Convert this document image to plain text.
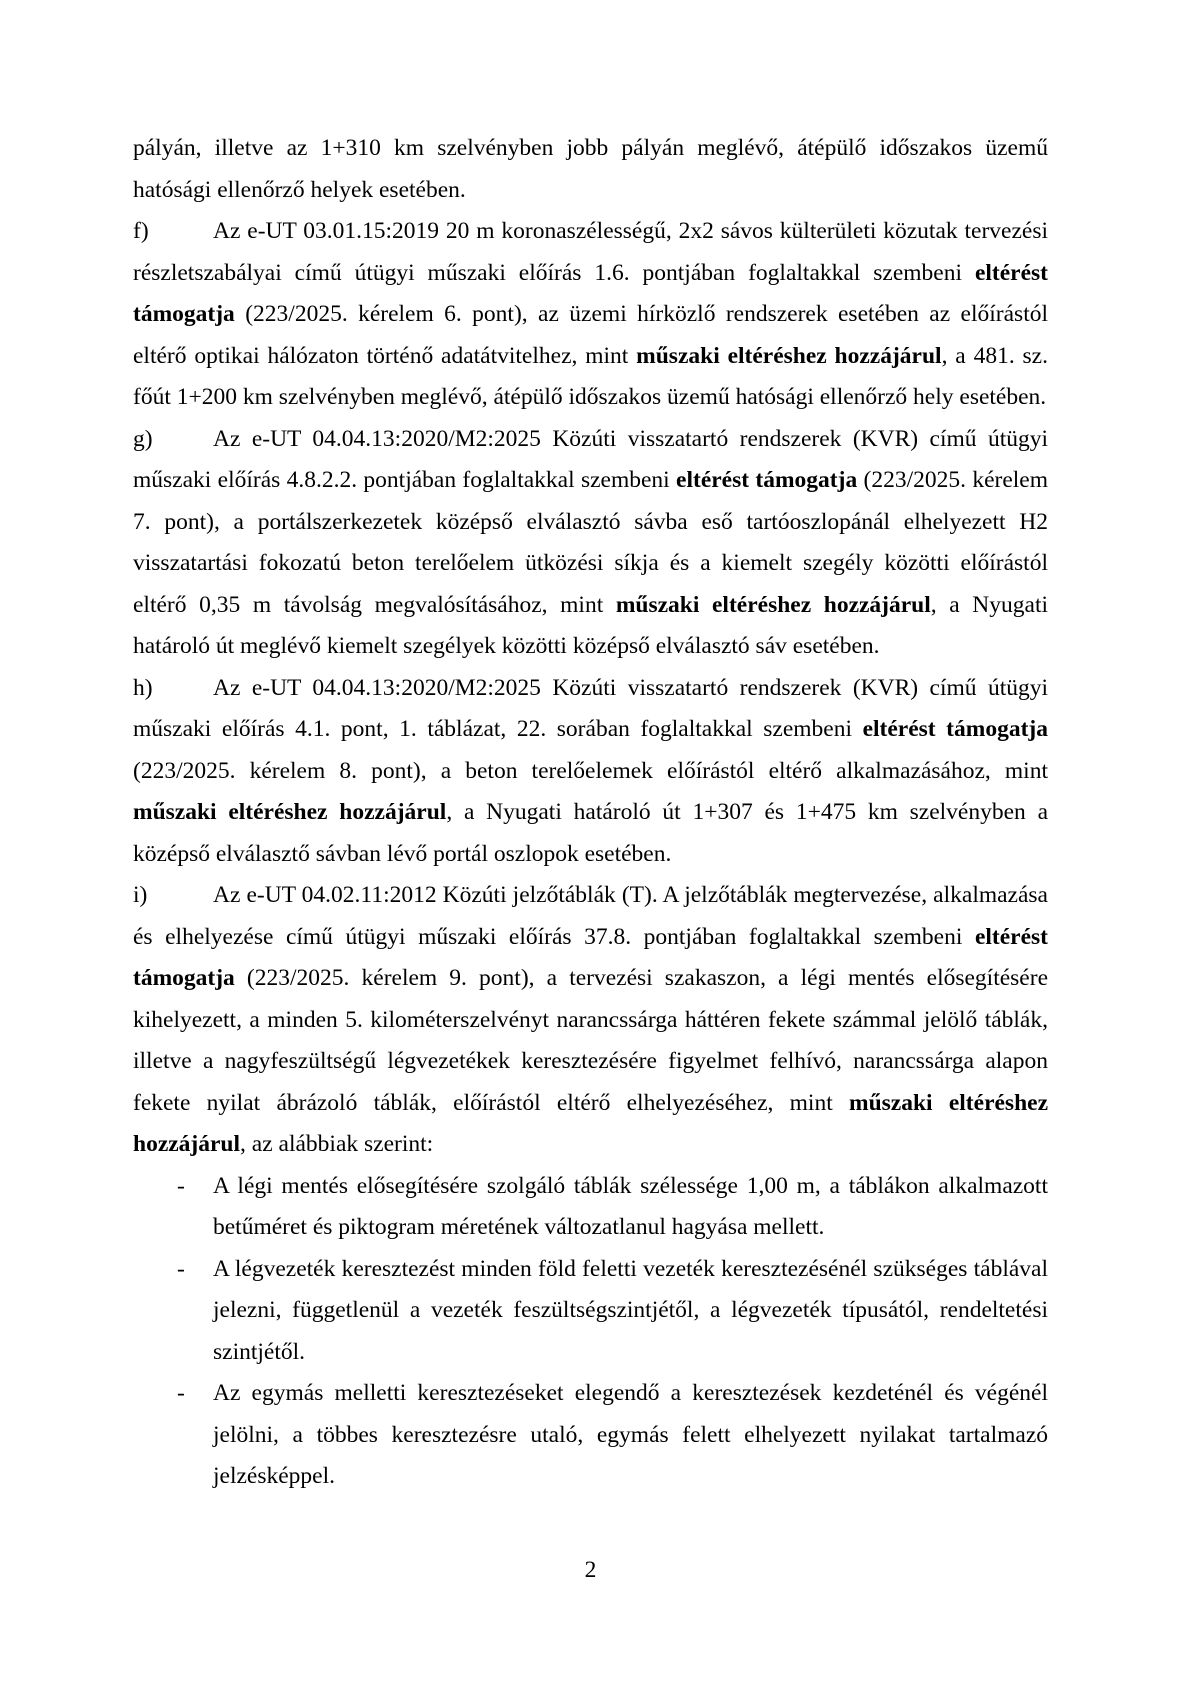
pályán, illetve az 1+310 km szelvényben jobb pályán meglévő, átépülő időszakos üzemű hatósági ellenőrző helyek esetében.
f)	Az e-UT 03.01.15:2019 20 m koronaszélességű, 2x2 sávos külterületi közutak tervezési részletszabályai című útügyi műszaki előírás 1.6. pontjában foglaltakkal szembeni eltérést támogatja (223/2025. kérelem 6. pont), az üzemi hírközlő rendszerek esetében az előírástól eltérő optikai hálózaton történő adatátvitelhez, mint műszaki eltéréshez hozzájárul, a 481. sz. főút 1+200 km szelvényben meglévő, átépülő időszakos üzemű hatósági ellenőrző hely esetében.
g)	Az e-UT 04.04.13:2020/M2:2025 Közúti visszatartó rendszerek (KVR) című útügyi műszaki előírás 4.8.2.2. pontjában foglaltakkal szembeni eltérést támogatja (223/2025. kérelem 7. pont), a portálszerkezetek középső elválasztó sávba eső tartóoszlopánál elhelyezett H2 visszatartási fokozatú beton terelőelem ütközési síkja és a kiemelt szegély közötti előírástól eltérő 0,35 m távolság megvalósításához, mint műszaki eltéréshez hozzájárul, a Nyugati határoló út meglévő kiemelt szegélyek közötti középső elválasztó sáv esetében.
h)	Az e-UT 04.04.13:2020/M2:2025 Közúti visszatartó rendszerek (KVR) című útügyi műszaki előírás 4.1. pont, 1. táblázat, 22. sorában foglaltakkal szembeni eltérést támogatja (223/2025. kérelem 8. pont), a beton terelőelemek előírástól eltérő alkalmazásához, mint műszaki eltéréshez hozzájárul, a Nyugati határoló út 1+307 és 1+475 km szelvényben a középső elválasztő sávban lévő portál oszlopok esetében.
i)	Az e-UT 04.02.11:2012 Közúti jelzőtáblák (T). A jelzőtáblák megtervezése, alkalmazása és elhelyezése című útügyi műszaki előírás 37.8. pontjában foglaltakkal szembeni eltérést támogatja (223/2025. kérelem 9. pont), a tervezési szakaszon, a légi mentés elősegítésére kihelyezett, a minden 5. kilométerszelvényt narancssárga háttéren fekete számmal jelölő táblák, illetve a nagyfeszültségű légvezetékek keresztezésére figyelmet felhívó, narancssárga alapon fekete nyilat ábrázoló táblák, előírástól eltérő elhelyezéséhez, mint műszaki eltéréshez hozzájárul, az alábbiak szerint:
- A légi mentés elősegítésére szolgáló táblák szélessége 1,00 m, a táblákon alkalmazott betűméret és piktogram méretének változatlanul hagyása mellett.
- A légvezeték keresztezést minden föld feletti vezeték keresztezésénél szükséges táblával jelezni, függetlenül a vezeték feszültségszintjétől, a légvezeték típusától, rendeltetési szintjétől.
- Az egymás melletti keresztezéseket elegendő a keresztezések kezdeténél és végénél jelölni, a többes keresztezésre utaló, egymás felett elhelyezett nyilakat tartalmazó jelzésképpel.
2
